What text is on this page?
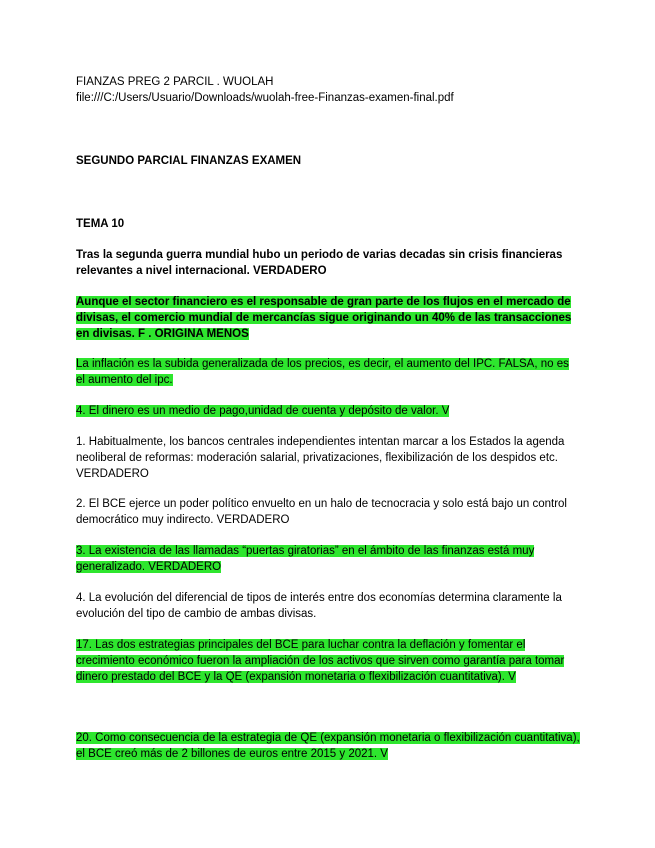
FIANZAS PREG 2 PARCIL . WUOLAH
file:///C:/Users/Usuario/Downloads/wuolah-free-Finanzas-examen-final.pdf

SEGUNDO PARCIAL FINANZAS EXAMEN

TEMA 10

Tras la segunda guerra mundial hubo un periodo de varias decadas sin crisis financieras relevantes a nivel internacional. VERDADERO

Aunque el sector financiero es el responsable de gran parte de los flujos en el mercado de divisas, el comercio mundial de mercancías sigue originando un 40% de las transacciones en divisas. F . ORIGINA MENOS

La inflación es la subida generalizada de los precios, es decir, el aumento del IPC. FALSA, no es el aumento del ipc.

4. El dinero es un medio de pago,unidad de cuenta y depósito de valor. V

1. Habitualmente, los bancos centrales independientes intentan marcar a los Estados la agenda neoliberal de reformas: moderación salarial, privatizaciones, flexibilización de los despidos etc. VERDADERO

2. El BCE ejerce un poder político envuelto en un halo de tecnocracia y solo está bajo un control democrático muy indirecto. VERDADERO

3. La existencia de las llamadas “puertas giratorias” en el ámbito de las finanzas está muy generalizado. VERDADERO

4. La evolución del diferencial de tipos de interés entre dos economías determina claramente la evolución del tipo de cambio de ambas divisas.

17. Las dos estrategias principales del BCE para luchar contra la deflación y fomentar el crecimiento económico fueron la ampliación de los activos que sirven como garantía para tomar dinero prestado del BCE y la QE (expansión monetaria o flexibilización cuantitativa). V

20. Como consecuencia de la estrategia de QE (expansión monetaria o flexibilización cuantitativa), el BCE creó más de 2 billones de euros entre 2015 y 2021. V
